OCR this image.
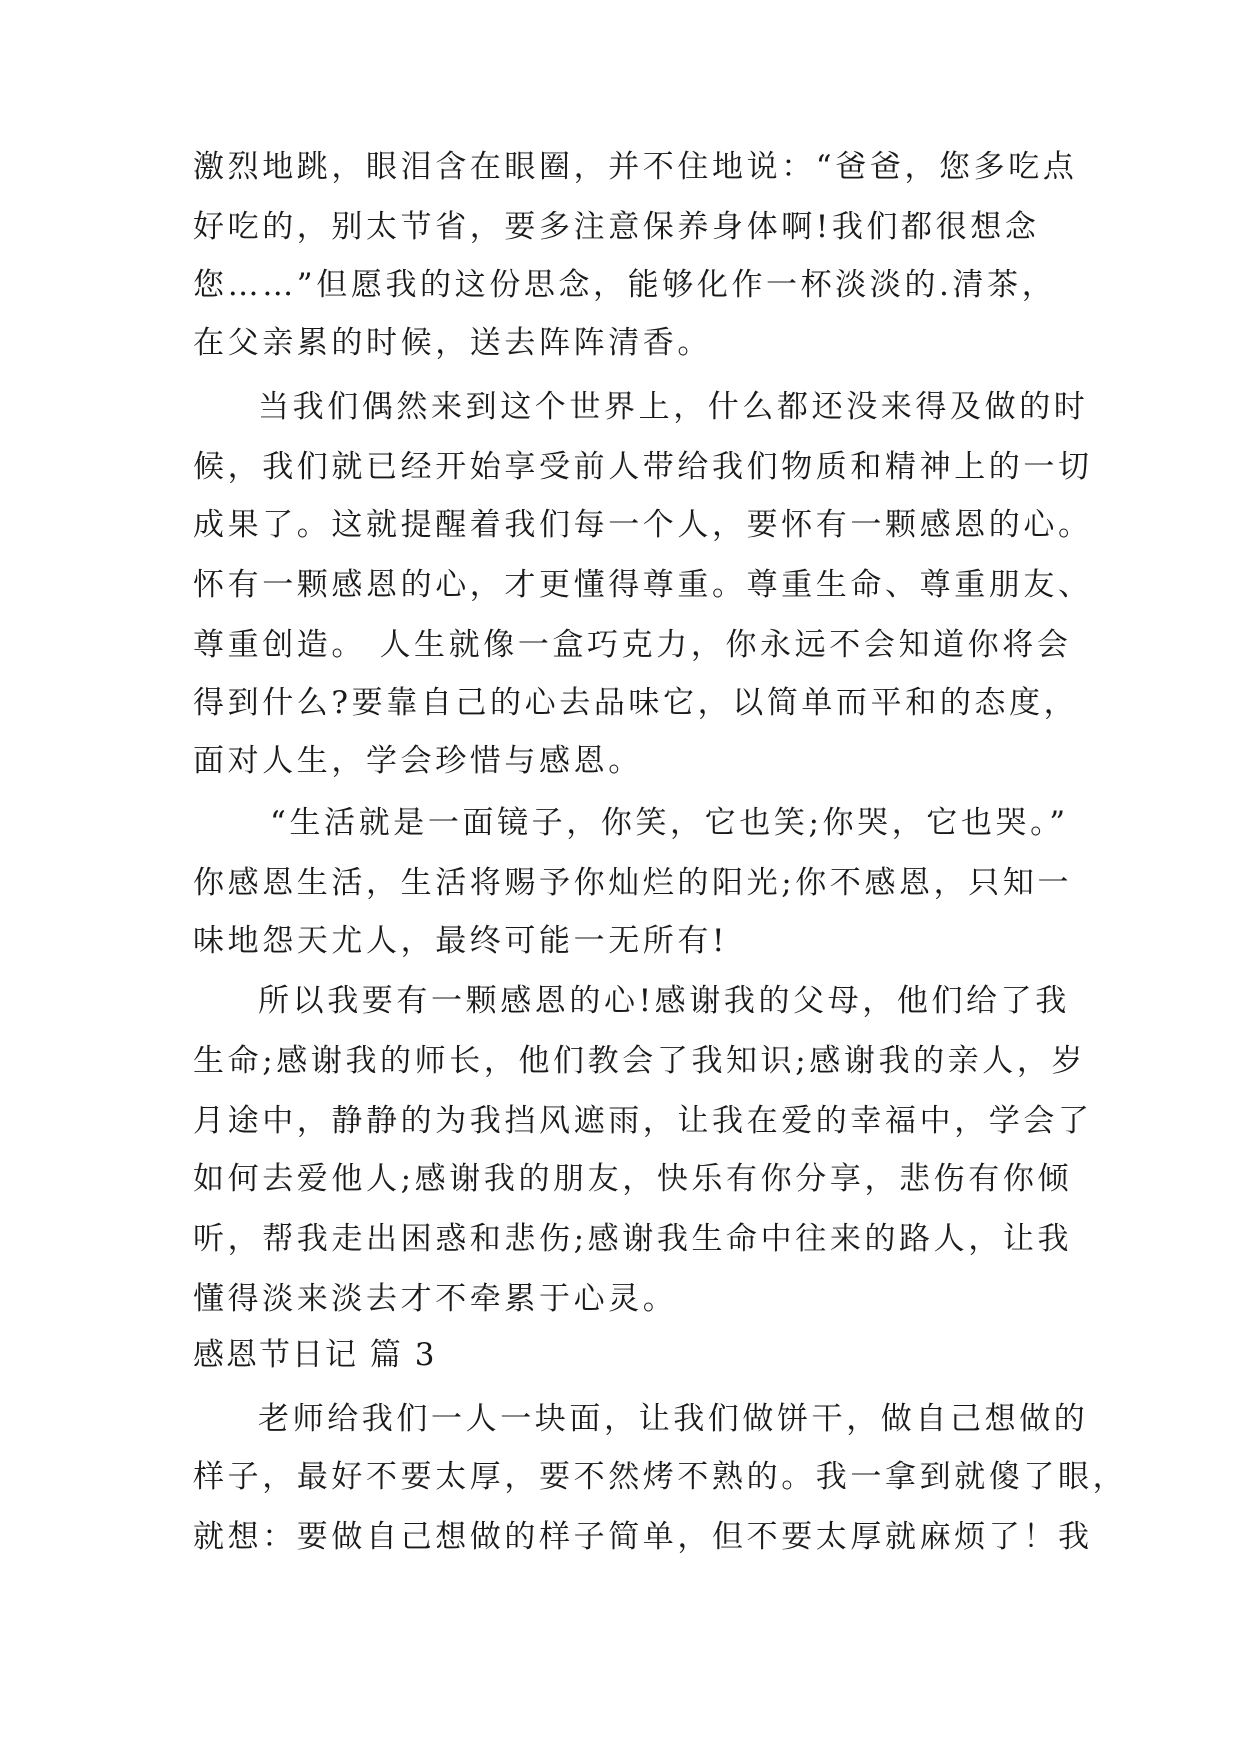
激烈地跳，眼泪含在眼圈，并不住地说：“爸爸，您多吃点
好吃的，别太节省，要多注意保养身体啊!我们都很想念
您……”但愿我的这份思念，能够化作一杯淡淡的.清茶，
在父亲累的时候，送去阵阵清香。
当我们偶然来到这个世界上，什么都还没来得及做的时
候，我们就已经开始享受前人带给我们物质和精神上的一切
成果了。这就提醒着我们每一个人，要怀有一颗感恩的心。
怀有一颗感恩的心，才更懂得尊重。尊重生命、尊重朋友、
尊重创造。 人生就像一盒巧克力，你永远不会知道你将会
得到什么?要靠自己的心去品味它，以简单而平和的态度，
面对人生，学会珍惜与感恩。
“生活就是一面镜子，你笑，它也笑;你哭，它也哭。”
你感恩生活，生活将赐予你灿烂的阳光;你不感恩，只知一
味地怨天尤人，最终可能一无所有!
所以我要有一颗感恩的心!感谢我的父母，他们给了我
生命;感谢我的师长，他们教会了我知识;感谢我的亲人，岁
月途中，静静的为我挡风遮雨，让我在爱的幸福中，学会了
如何去爱他人;感谢我的朋友，快乐有你分享，悲伤有你倾
听，帮我走出困惑和悲伤;感谢我生命中往来的路人，让我
懂得淡来淡去才不牵累于心灵。
感恩节日记 篇 3
老师给我们一人一块面，让我们做饼干，做自己想做的
样子，最好不要太厚，要不然烤不熟的。我一拿到就傻了眼，
就想：要做自己想做的样子简单，但不要太厚就麻烦了！我
